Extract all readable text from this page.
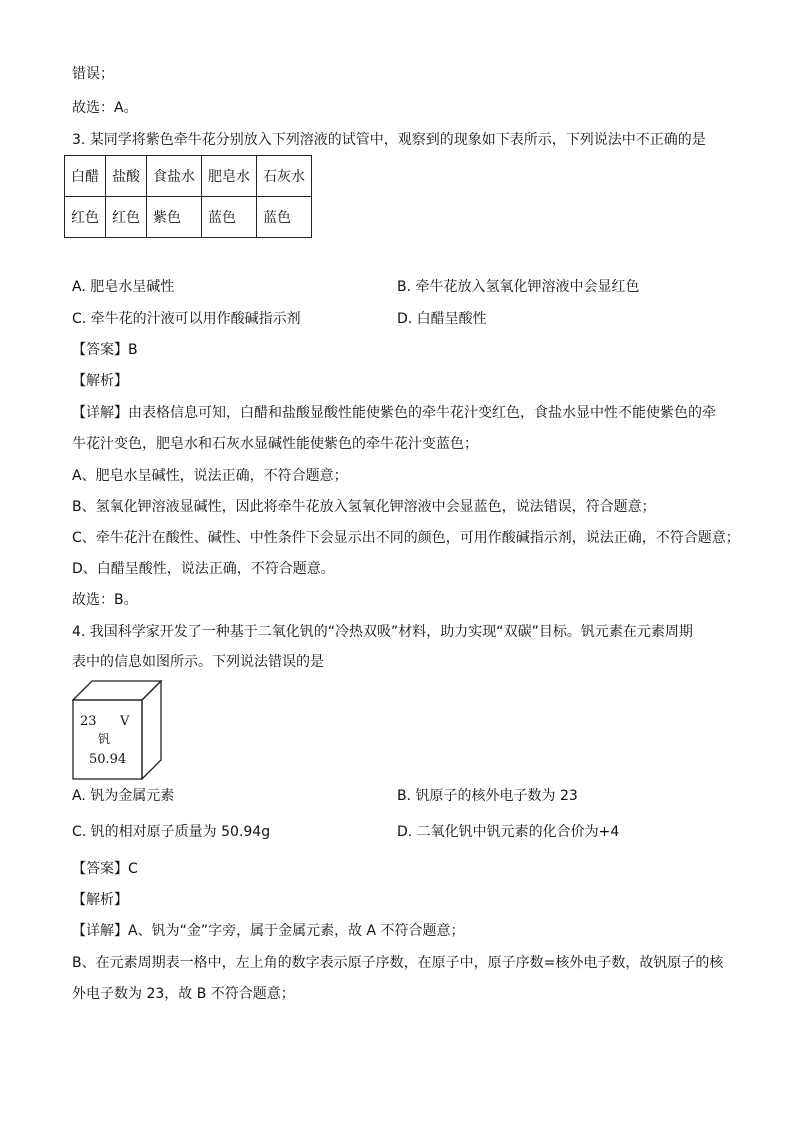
错误；
故选：A。
3. 某同学将紫色牵牛花分别放入下列溶液的试管中，观察到的现象如下表所示，下列说法中不正确的是
白醋	盐酸	食盐水	肥皂水	石灰水
红色	红色	紫色	蓝色	蓝色
A. 肥皂水呈碱性	B. 牵牛花放入氢氧化钾溶液中会显红色
C. 牵牛花的汁液可以用作酸碱指示剂	D. 白醋呈酸性
【答案】B
【解析】
【详解】由表格信息可知，白醋和盐酸显酸性能使紫色的牵牛花汁变红色，食盐水显中性不能使紫色的牵
牛花汁变色，肥皂水和石灰水显碱性能使紫色的牵牛花汁变蓝色；
A、肥皂水呈碱性，说法正确，不符合题意；
B、氢氧化钾溶液显碱性，因此将牵牛花放入氢氧化钾溶液中会显蓝色，说法错误，符合题意；
C、牵牛花汁在酸性、碱性、中性条件下会显示出不同的颜色，可用作酸碱指示剂，说法正确，不符合题意；
D、白醋呈酸性，说法正确，不符合题意。
故选：B。
4. 我国科学家开发了一种基于二氧化钒的“冷热双吸”材料，助力实现“双碳”目标。钒元素在元素周期
表中的信息如图所示。下列说法错误的是
23 V
钒
50.94
A. 钒为金属元素	B. 钒原子的核外电子数为 23
C. 钒的相对原子质量为 50.94g	D. 二氧化钒中钒元素的化合价为+4
【答案】C
【解析】
【详解】A、钒为“金”字旁，属于金属元素，故 A 不符合题意；
B、在元素周期表一格中，左上角的数字表示原子序数，在原子中，原子序数=核外电子数，故钒原子的核
外电子数为 23，故 B 不符合题意；
